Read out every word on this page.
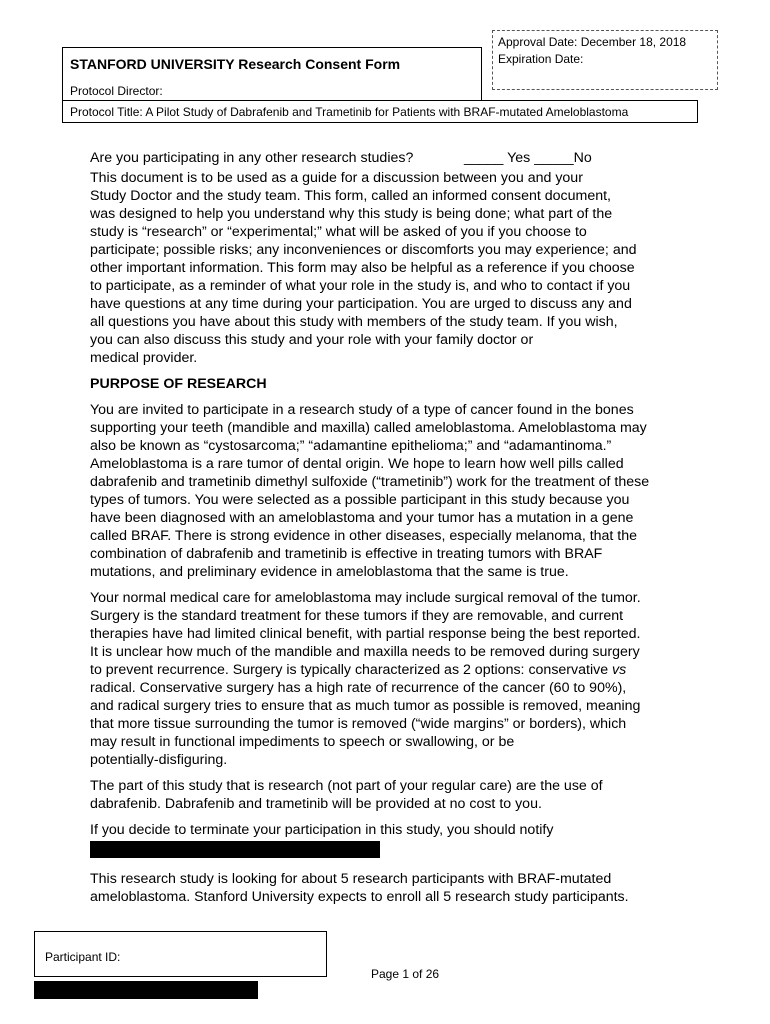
Approval Date: December 18, 2018
Expiration Date:
STANFORD UNIVERSITY Research Consent Form
Protocol Director:
Protocol Title: A Pilot Study of Dabrafenib and Trametinib for Patients with BRAF-mutated Ameloblastoma
Are you participating in any other research studies?	_____ Yes _____No

This document is to be used as a guide for a discussion between you and your
Study Doctor and the study team. This form, called an informed consent document,
was designed to help you understand why this study is being done; what part of the
study is “research” or “experimental;” what will be asked of you if you choose to
participate; possible risks; any inconveniences or discomforts you may experience; and
other important information. This form may also be helpful as a reference if you choose
to participate, as a reminder of what your role in the study is, and who to contact if you
have questions at any time during your participation. You are urged to discuss any and
all questions you have about this study with members of the study team. If you wish,
you can also discuss this study and your role with your family doctor or
medical provider.

PURPOSE OF RESEARCH

You are invited to participate in a research study of a type of cancer found in the bones
supporting your teeth (mandible and maxilla) called ameloblastoma. Ameloblastoma may
also be known as “cystosarcoma;” “adamantine epithelioma;” and “adamantinoma.”
Ameloblastoma is a rare tumor of dental origin. We hope to learn how well pills called
dabrafenib and trametinib dimethyl sulfoxide (“trametinib”) work for the treatment of these
types of tumors. You were selected as a possible participant in this study because you
have been diagnosed with an ameloblastoma and your tumor has a mutation in a gene
called BRAF. There is strong evidence in other diseases, especially melanoma, that the
combination of dabrafenib and trametinib is effective in treating tumors with BRAF
mutations, and preliminary evidence in ameloblastoma that the same is true.

Your normal medical care for ameloblastoma may include surgical removal of the tumor.
Surgery is the standard treatment for these tumors if they are removable, and current
therapies have had limited clinical benefit, with partial response being the best reported.
It is unclear how much of the mandible and maxilla needs to be removed during surgery
to prevent recurrence. Surgery is typically characterized as 2 options: conservative vs
radical. Conservative surgery has a high rate of recurrence of the cancer (60 to 90%),
and radical surgery tries to ensure that as much tumor as possible is removed, meaning
that more tissue surrounding the tumor is removed (“wide margins” or borders), which
may result in functional impediments to speech or swallowing, or be
potentially-disfiguring.

The part of this study that is research (not part of your regular care) are the use of
dabrafenib. Dabrafenib and trametinib will be provided at no cost to you.

If you decide to terminate your participation in this study, you should notify

This research study is looking for about 5 research participants with BRAF-mutated
ameloblastoma. Stanford University expects to enroll all 5 research study participants.

Participant ID:
Page 1 of 26
